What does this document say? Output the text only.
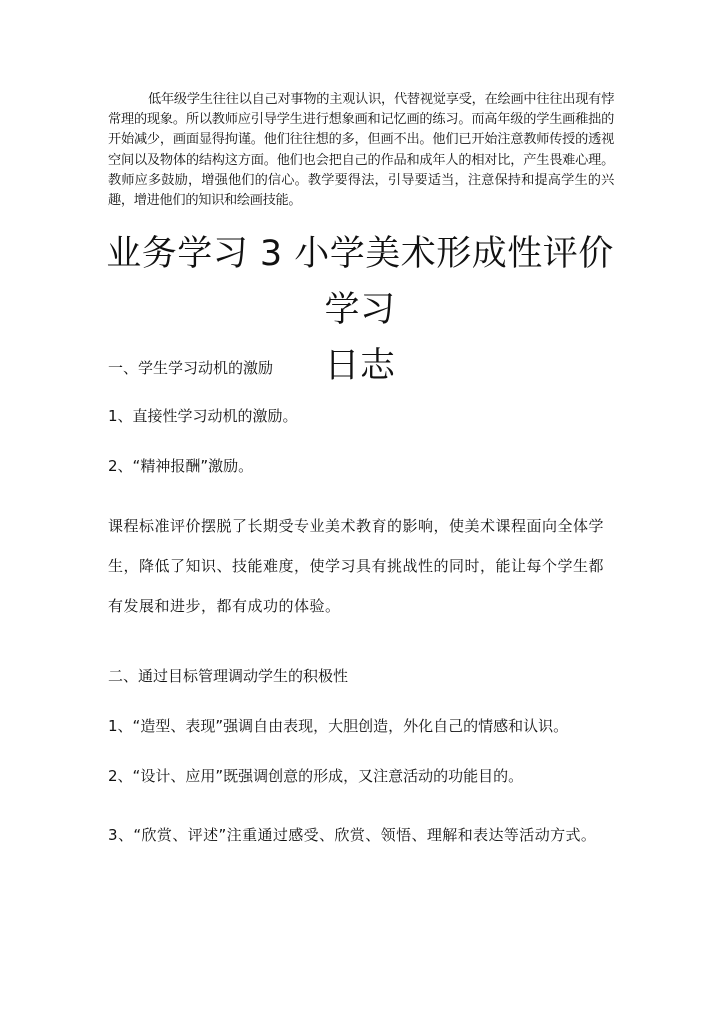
低年级学生往往以自己对事物的主观认识，代替视觉享受，在绘画中往往出现有悖常理的现象。所以教师应引导学生进行想象画和记忆画的练习。而高年级的学生画稚拙的开始减少，画面显得拘谨。他们往往想的多，但画不出。他们已开始注意教师传授的透视空间以及物体的结构这方面。他们也会把自己的作品和成年人的相对比，产生畏难心理。教师应多鼓励，增强他们的信心。教学要得法，引导要适当，注意保持和提高学生的兴趣，增进他们的知识和绘画技能。

业务学习 3 小学美术形成性评价学习
日志

一、学生学习动机的激励

1、直接性学习动机的激励。

2、“精神报酬”激励。

课程标准评价摆脱了长期受专业美术教育的影响，使美术课程面向全体学生，降低了知识、技能难度，使学习具有挑战性的同时，能让每个学生都有发展和进步，都有成功的体验。

二、通过目标管理调动学生的积极性

1、“造型、表现”强调自由表现，大胆创造，外化自己的情感和认识。

2、“设计、应用”既强调创意的形成，又注意活动的功能目的。

3、“欣赏、评述”注重通过感受、欣赏、领悟、理解和表达等活动方式。
